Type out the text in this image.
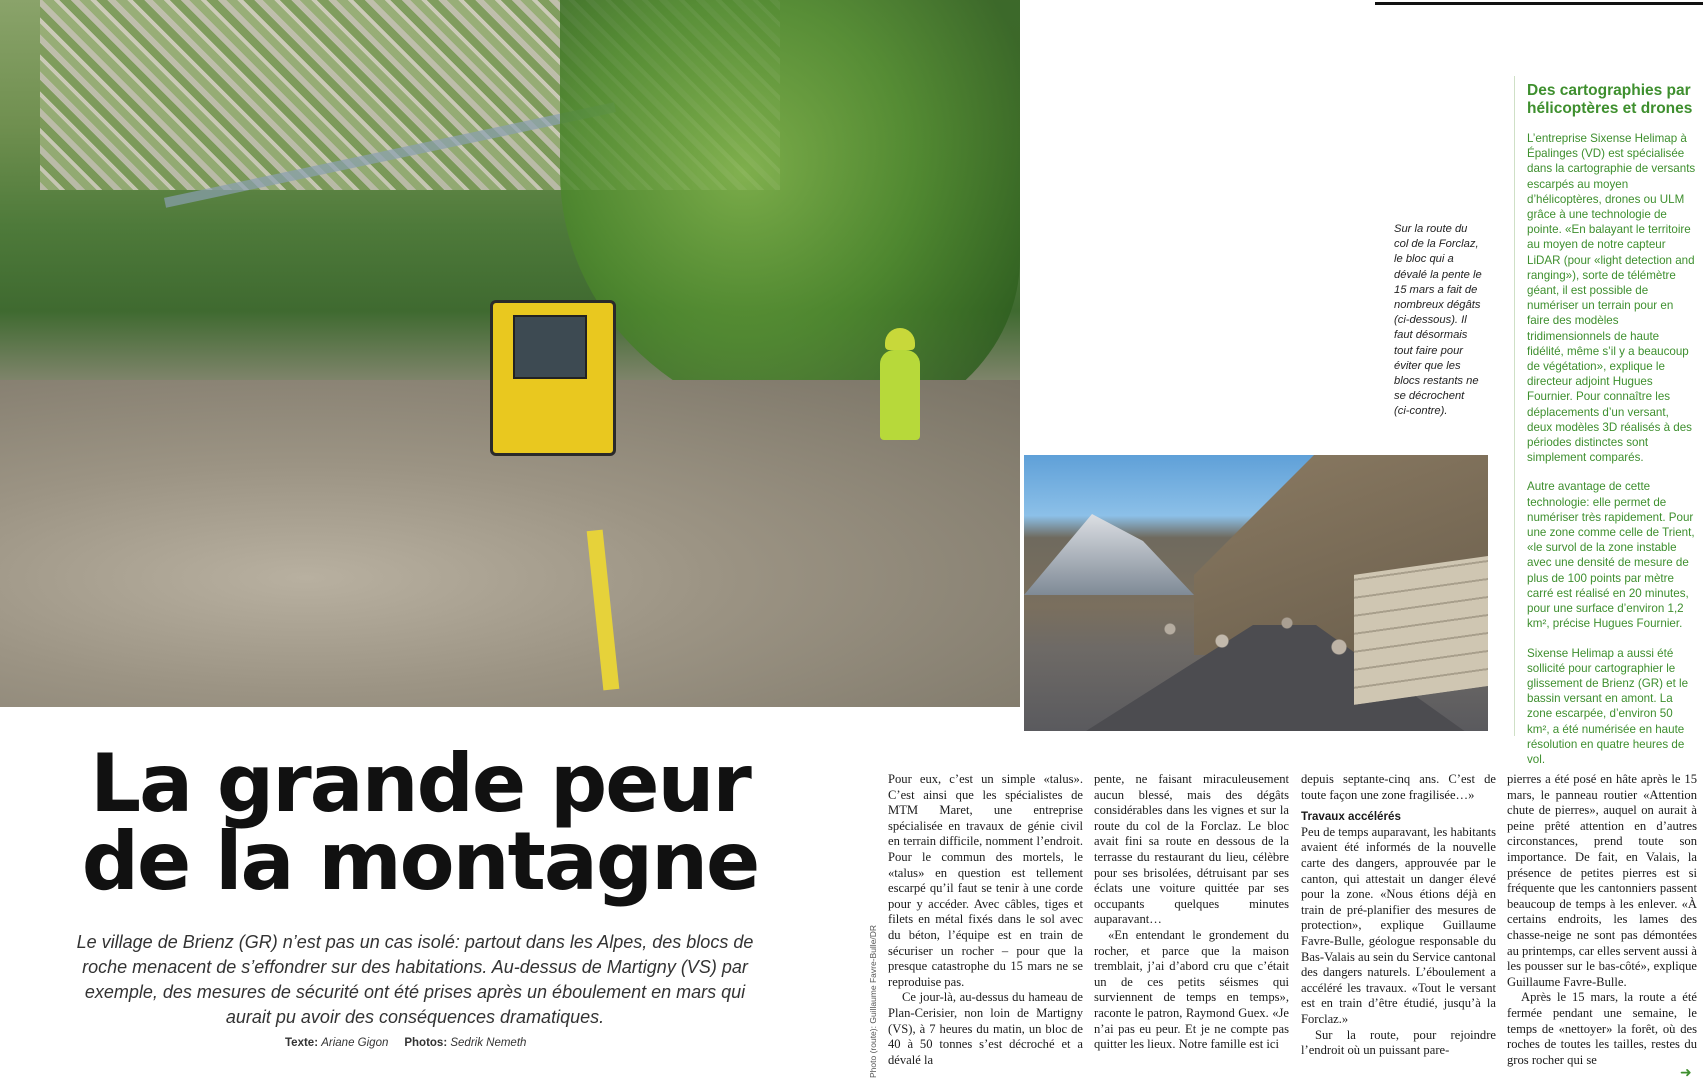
Sur la route du col de la Forclaz, le bloc qui a dévalé la pente le 15 mars a fait de nombreux dégâts (ci-dessous). Il faut désormais tout faire pour éviter que les blocs restants ne se décrochent (ci-contre).
Des cartographies par hélicoptères et drones

L’entreprise Sixense Helimap à Épalinges (VD) est spécialisée dans la cartographie de versants escarpés au moyen d’hélicoptères, drones ou ULM grâce à une technologie de pointe. «En balayant le territoire au moyen de notre capteur LiDAR (pour «light detection and ranging»), sorte de télémètre géant, il est possible de numériser un terrain pour en faire des modèles tridimensionnels de haute fidélité, même s’il y a beaucoup de végétation», explique le directeur adjoint Hugues Fournier. Pour connaître les déplacements d’un versant, deux modèles 3D réalisés à des périodes distinctes sont simplement comparés.

Autre avantage de cette technologie: elle permet de numériser très rapidement. Pour une zone comme celle de Trient, «le survol de la zone instable avec une densité de mesure de plus de 100 points par mètre carré est réalisé en 20 minutes, pour une surface d’environ 1,2 km², précise Hugues Fournier.

Sixense Helimap a aussi été sollicité pour cartographier le glissement de Brienz (GR) et le bassin versant en amont. La zone escarpée, d’environ 50 km², a été numérisée en haute résolution en quatre heures de vol.

La grande peur
de la montagne
Le village de Brienz (GR) n’est pas un cas isolé: partout dans les Alpes, des blocs de roche menacent de s’effondrer sur des habitations. Au-dessus de Martigny (VS) par exemple, des mesures de sécurité ont été prises après un éboulement en mars qui aurait pu avoir des conséquences dramatiques.
Texte: Ariane Gigon Photos: Sedrik Nemeth	Photo (route): Guillaume Favre-Bulle/DR

Pour eux, c’est un simple «talus». C’est ainsi que les spécialistes de MTM Maret, une entreprise spécialisée en travaux de génie civil en terrain difficile, nomment l’endroit. Pour le commun des mortels, le «talus» en question est tellement escarpé qu’il faut se tenir à une corde pour y accéder. Avec câbles, tiges et filets en métal fixés dans le sol avec du béton, l’équipe est en train de sécuriser un rocher – pour que la presque catastrophe du 15 mars ne se reproduise pas.

Ce jour-là, au-dessus du hameau de Plan-Cerisier, non loin de Martigny (VS), à 7 heures du matin, un bloc de 40 à 50 tonnes s’est décroché et a dévalé la

pente, ne faisant miraculeusement aucun blessé, mais des dégâts considérables dans les vignes et sur la route du col de la Forclaz. Le bloc avait fini sa route en dessous de la terrasse du restaurant du lieu, célèbre pour ses brisolées, détruisant par ses éclats une voiture quittée par ses occupants quelques minutes auparavant…

«En entendant le grondement du rocher, et parce que la maison tremblait, j’ai d’abord cru que c’était un de ces petits séismes qui surviennent de temps en temps», raconte le patron, Raymond Guex. «Je n’ai pas eu peur. Et je ne compte pas quitter les lieux. Notre famille est ici

depuis septante-cinq ans. C’est de toute façon une zone fragilisée…»

Travaux accélérés

Peu de temps auparavant, les habitants avaient été informés de la nouvelle carte des dangers, approuvée par le canton, qui attestait un danger élevé pour la zone. «Nous étions déjà en train de pré-planifier des mesures de protection», explique Guillaume Favre-Bulle, géologue responsable du Bas-Valais au sein du Service cantonal des dangers naturels. L’éboulement a accéléré les travaux. «Tout le versant est en train d’être étudié, jusqu’à la Forclaz.»

Sur la route, pour rejoindre l’endroit où un puissant pare-

pierres a été posé en hâte après le 15 mars, le panneau routier «Attention chute de pierres», auquel on aurait à peine prêté attention en d’autres circonstances, prend toute son importance. De fait, en Valais, la présence de petites pierres est si fréquente que les cantonniers passent beaucoup de temps à les enlever. «À certains endroits, les lames des chasse-neige ne sont pas démontées au printemps, car elles servent aussi à les pousser sur le bas-côté», explique Guillaume Favre-Bulle.

Après le 15 mars, la route a été fermée pendant une semaine, le temps de «nettoyer» la forêt, où des roches de toutes les tailles, restes du gros rocher qui se

➜
